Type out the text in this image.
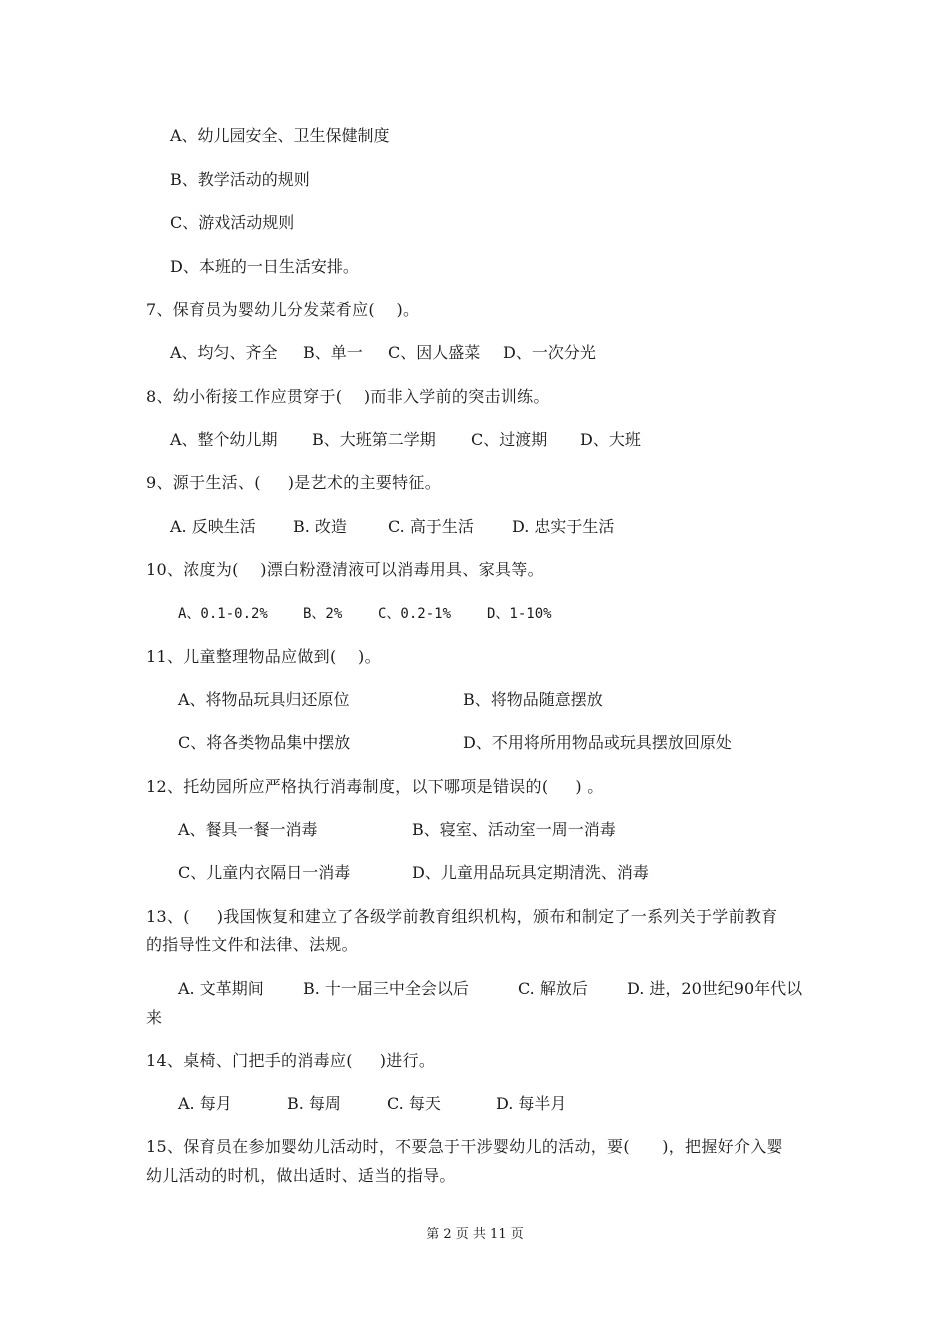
A、幼儿园安全、卫生保健制度
B、教学活动的规则
C、游戏活动规则
D、本班的一日生活安排。
7、保育员为婴幼儿分发菜肴应(    )。
A、均匀、齐全 B、单一 C、因人盛菜 D、一次分光
8、幼小衔接工作应贯穿于(    )而非入学前的突击训练。
A、整个幼儿期 B、大班第二学期 C、过渡期 D、大班
9、源于生活、(     )是艺术的主要特征。
A. 反映生活 B. 改造	C. 高于生活 D. 忠实于生活
10、浓度为(    )漂白粉澄清液可以消毒用具、家具等。
A、0.1-0.2%	B、2%	C、0.2-1%	D、1-10%
11、儿童整理物品应做到(    )。
A、将物品玩具归还原位	B、将物品随意摆放
C、将各类物品集中摆放	D、不用将所用物品或玩具摆放回原处
12、托幼园所应严格执行消毒制度，以下哪项是错误的(     ) 。
A、餐具一餐一消毒	B、寝室、活动室一周一消毒
C、儿童内衣隔日一消毒	D、儿童用品玩具定期清洗、消毒
13、(     )我国恢复和建立了各级学前教育组织机构，颁布和制定了一系列关于学前教育
的指导性文件和法律、法规。
A. 文革期间 B. 十一届三中全会以后	C. 解放后 D. 进，20世纪90年代以
来
14、桌椅、门把手的消毒应(     )进行。
A. 每月	B. 每周	C. 每天	D. 每半月
15、保育员在参加婴幼儿活动时，不要急于干涉婴幼儿的活动，要(      )，把握好介入婴
幼儿活动的时机，做出适时、适当的指导。
第 2 页 共 11 页
